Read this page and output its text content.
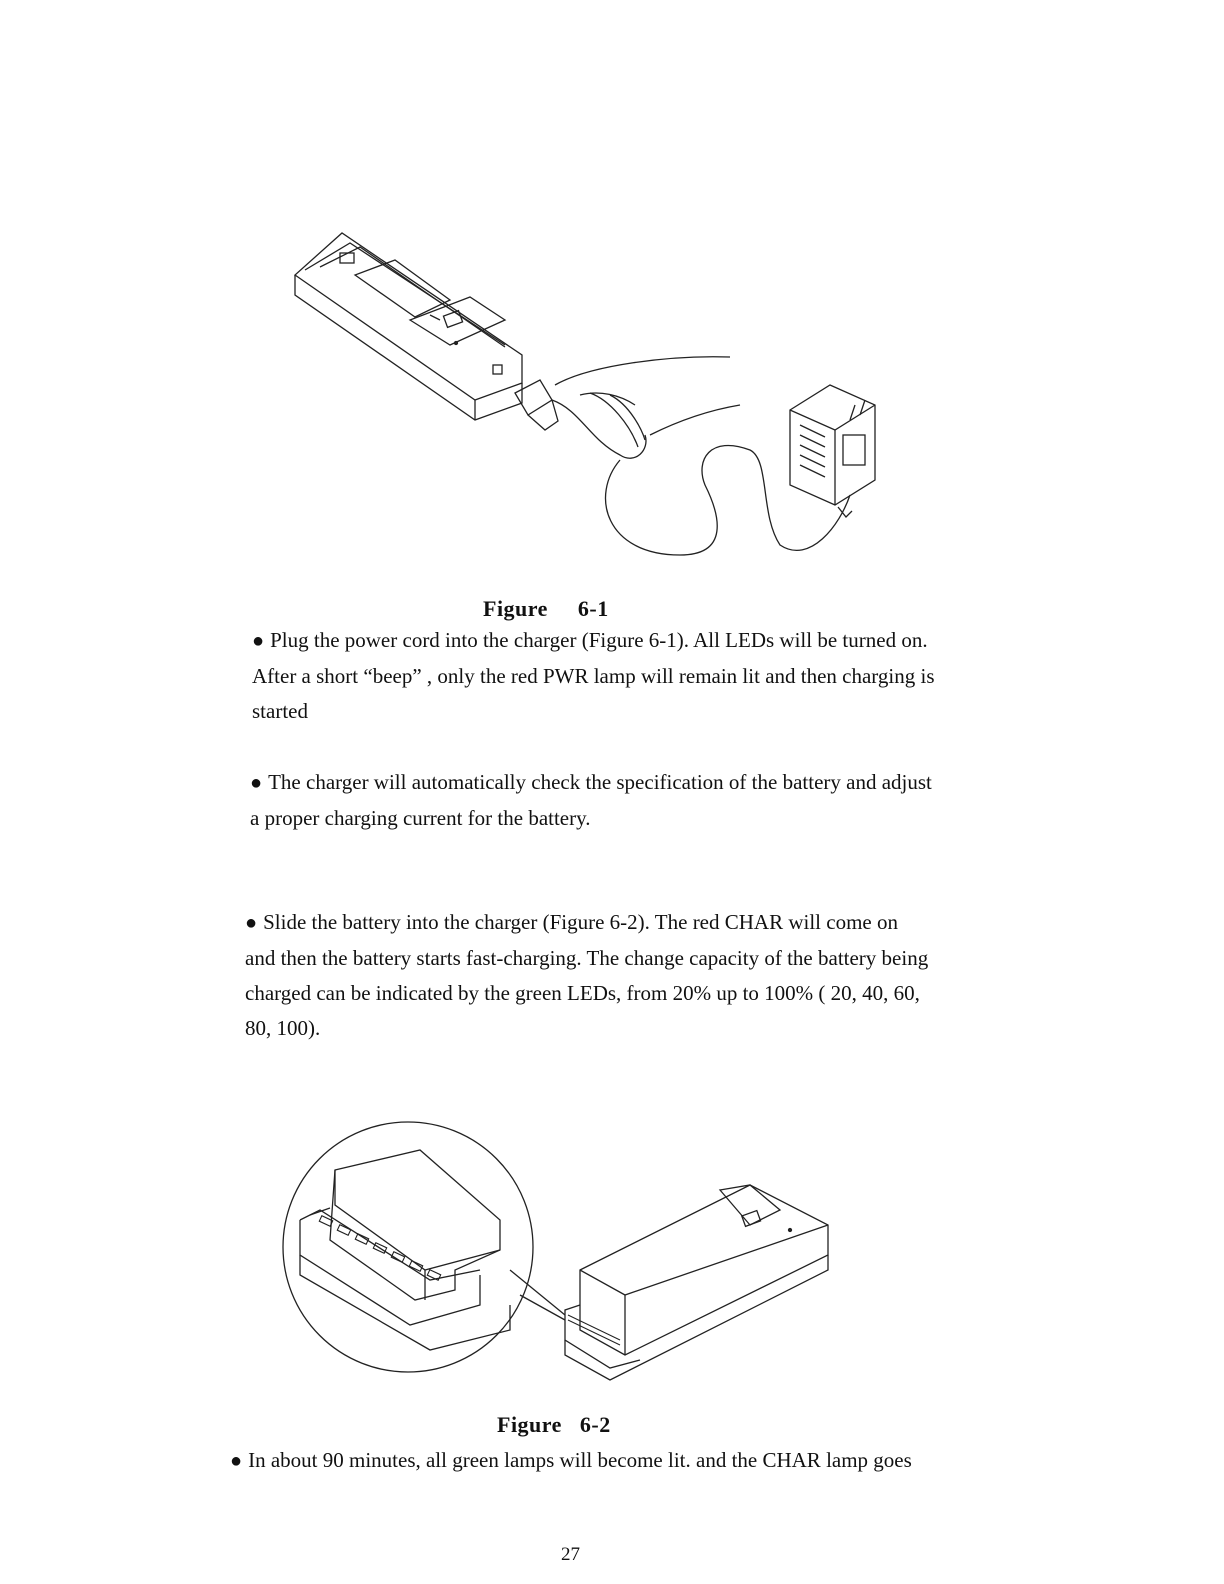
Figure 6-1
● Plug the power cord into the charger (Figure 6-1). All LEDs will be turned on.
After a short “beep” , only the red PWR lamp will remain lit and then charging is
started
● The charger will automatically check the specification of the battery and adjust
a proper charging current for the battery.
● Slide the battery into the charger (Figure 6-2). The red CHAR will come on
and then the battery starts fast-charging. The change capacity of the battery being
charged can be indicated by the green LEDs, from 20% up to 100% ( 20, 40, 60,
80, 100).
Figure 6-2
● In about 90 minutes, all green lamps will become lit. and the CHAR lamp goes
27
